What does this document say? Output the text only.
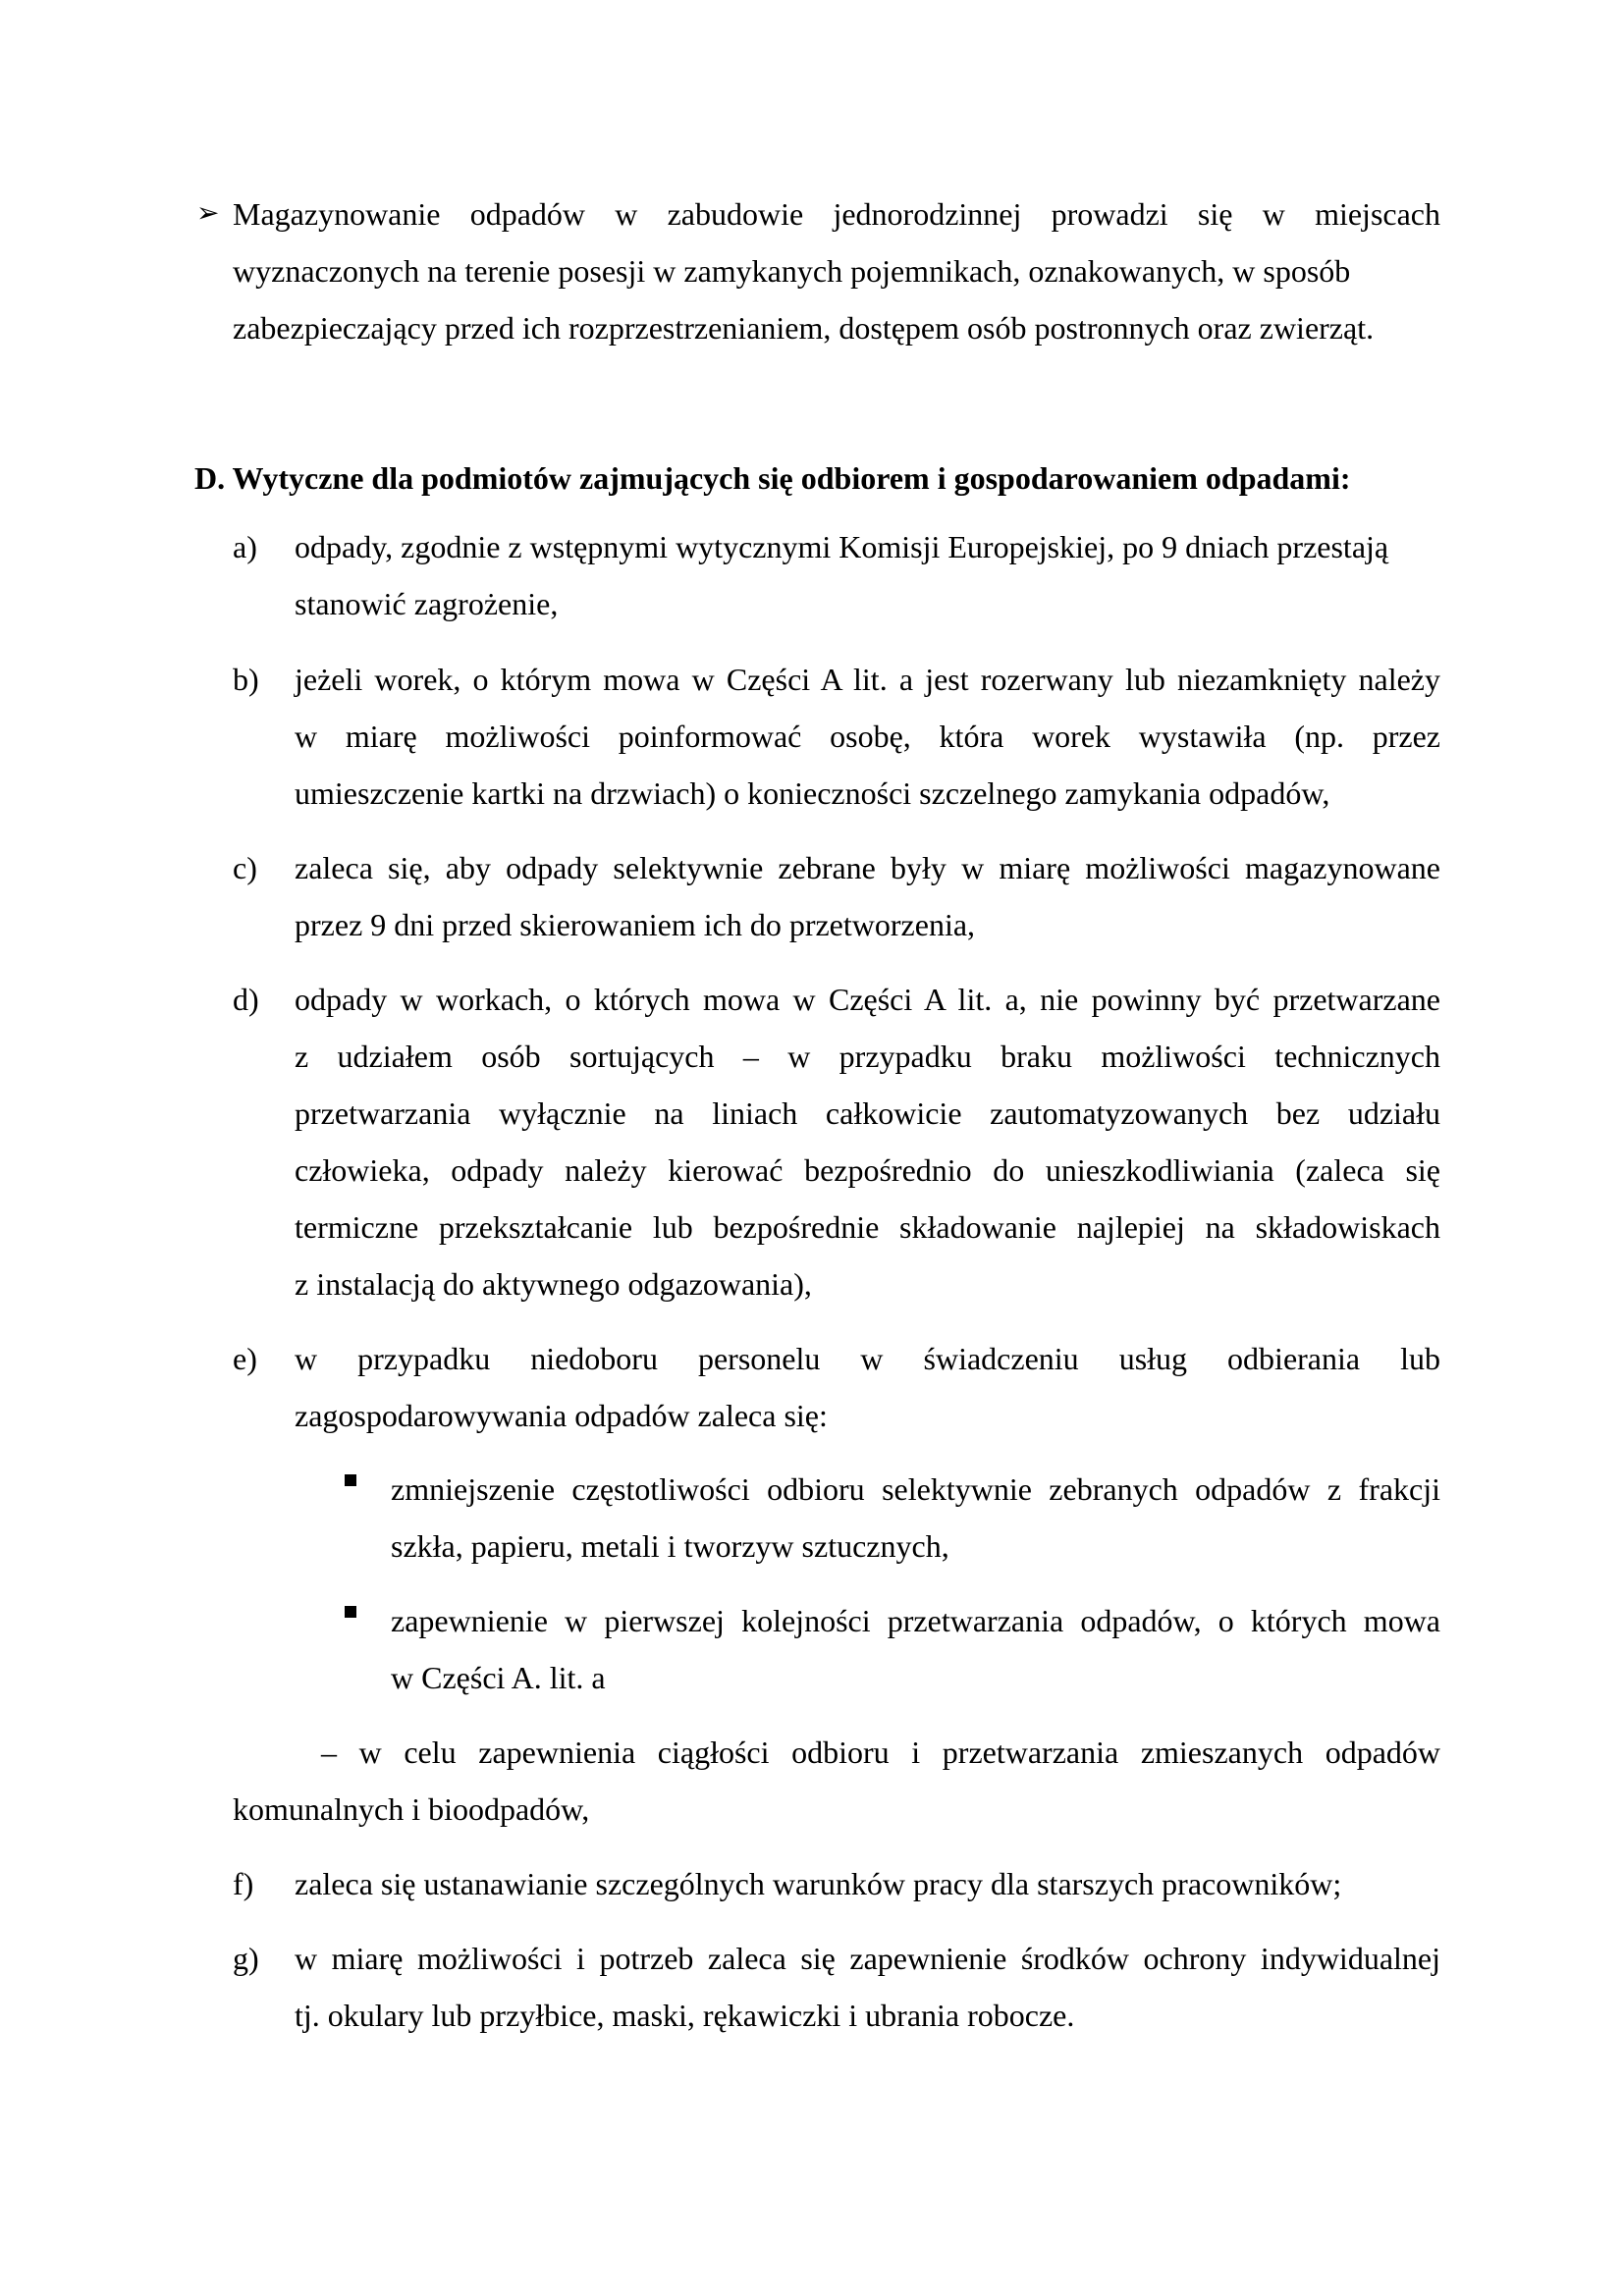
➢ Magazynowanie odpadów w zabudowie jednorodzinnej prowadzi się w miejscach
wyznaczonych na terenie posesji w zamykanych pojemnikach, oznakowanych, w sposób
zabezpieczający przed ich rozprzestrzenianiem, dostępem osób postronnych oraz zwierząt.
D. Wytyczne dla podmiotów zajmujących się odbiorem i gospodarowaniem odpadami:
a) odpady, zgodnie z wstępnymi wytycznymi Komisji Europejskiej, po 9 dniach przestają
stanowić zagrożenie,
b) jeżeli worek, o którym mowa w Części A lit. a jest rozerwany lub niezamknięty należy
w miarę możliwości poinformować osobę, która worek wystawiła (np. przez
umieszczenie kartki na drzwiach) o konieczności szczelnego zamykania odpadów,
c) zaleca się, aby odpady selektywnie zebrane były w miarę możliwości magazynowane
przez 9 dni przed skierowaniem ich do przetworzenia,
d) odpady w workach, o których mowa w Części A lit. a, nie powinny być przetwarzane
z udziałem osób sortujących – w przypadku braku możliwości technicznych
przetwarzania wyłącznie na liniach całkowicie zautomatyzowanych bez udziału
człowieka, odpady należy kierować bezpośrednio do unieszkodliwiania (zaleca się
termiczne przekształcanie lub bezpośrednie składowanie najlepiej na składowiskach
z instalacją do aktywnego odgazowania),
e) w przypadku niedoboru personelu w świadczeniu usług odbierania lub
zagospodarowywania odpadów zaleca się:
zmniejszenie częstotliwości odbioru selektywnie zebranych odpadów z frakcji
szkła, papieru, metali i tworzyw sztucznych,
zapewnienie w pierwszej kolejności przetwarzania odpadów, o których mowa
w Części A. lit. a
– w celu zapewnienia ciągłości odbioru i przetwarzania zmieszanych odpadów
komunalnych i bioodpadów,
f) zaleca się ustanawianie szczególnych warunków pracy dla starszych pracowników;
g) w miarę możliwości i potrzeb zaleca się zapewnienie środków ochrony indywidualnej
tj. okulary lub przyłbice, maski, rękawiczki i ubrania robocze.
